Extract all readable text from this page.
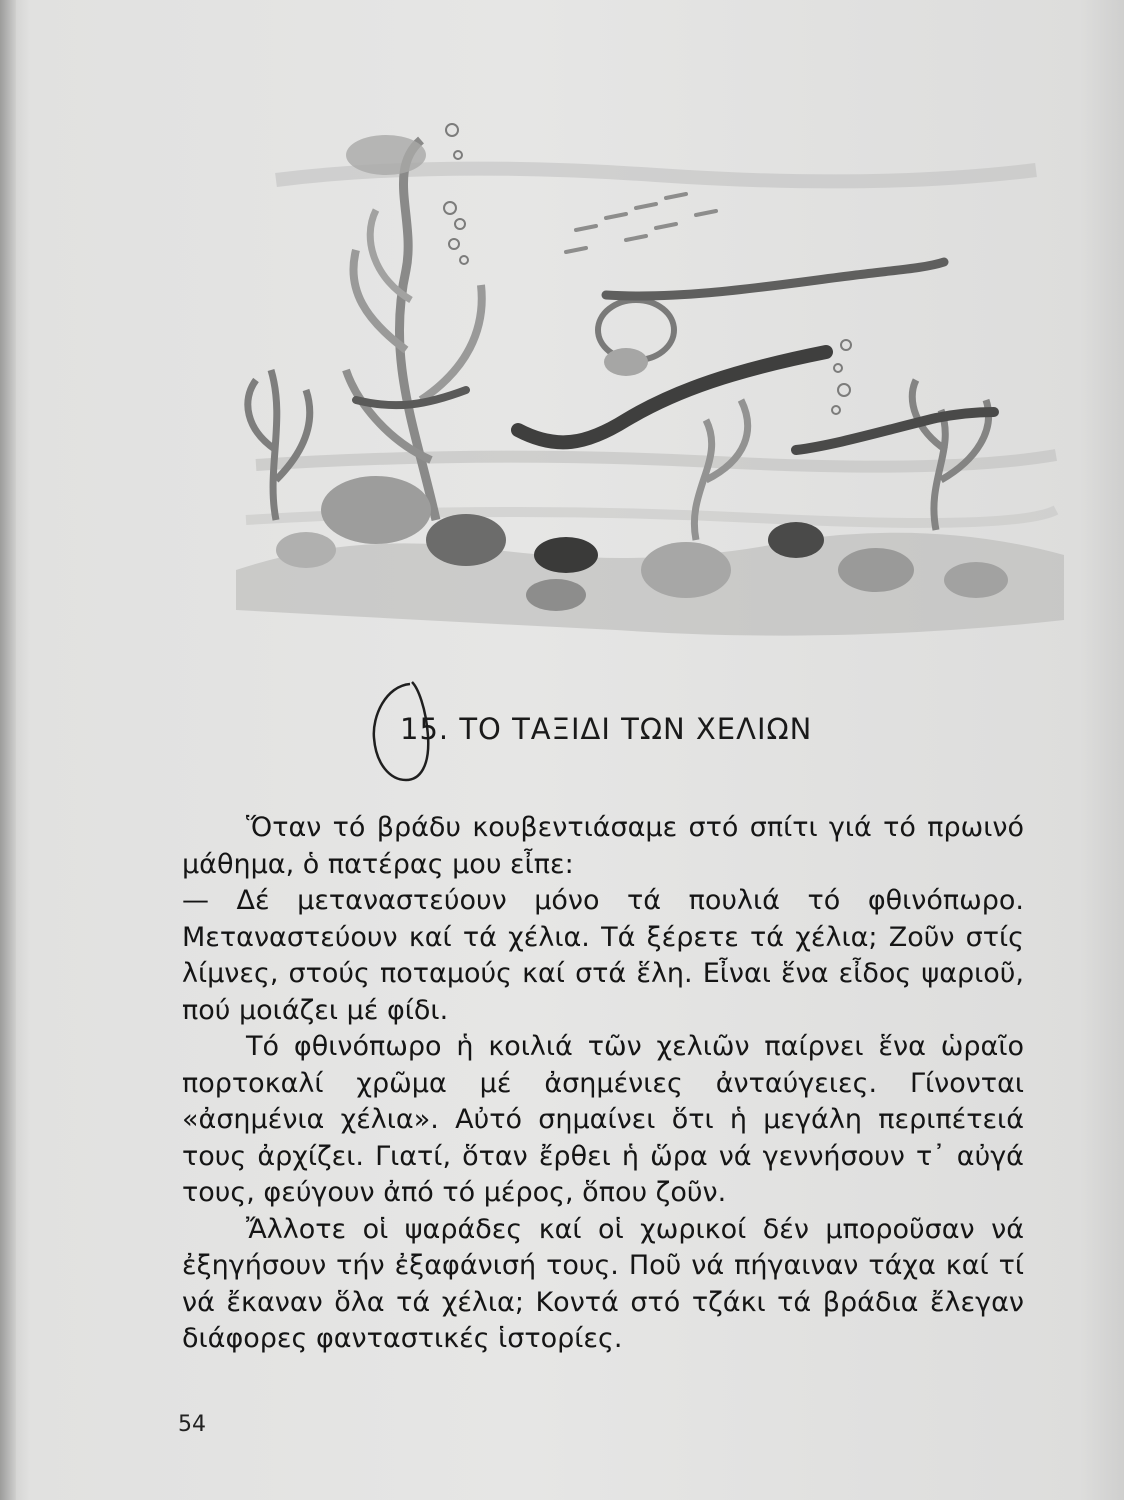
15. ΤΟ ΤΑΞΙΔΙ ΤΩΝ ΧΕΛΙΩΝ

Ὅταν τό βράδυ κουβεντιάσαμε στό σπίτι γιά τό πρωινό μάθημα, ὁ πατέρας μου εἶπε:

— Δέ μεταναστεύουν μόνο τά πουλιά τό φθινόπωρο. Μεταναστεύουν καί τά χέλια. Τά ξέρετε τά χέλια; Ζοῦν στίς λίμνες, στούς ποταμούς καί στά ἕλη. Εἶναι ἕνα εἶδος ψαριοῦ, πού μοιάζει μέ φίδι.

Τό φθινόπωρο ἡ κοιλιά τῶν χελιῶν παίρνει ἕνα ὡραῖο πορτοκαλί χρῶμα μέ ἀσημένιες ἀνταύγειες. Γίνονται «ἀσημένια χέλια». Αὐτό σημαίνει ὅτι ἡ μεγάλη περιπέτειά τους ἀρχίζει. Γιατί, ὅταν ἔρθει ἡ ὥρα νά γεννήσουν τ᾽ αὐγά τους, φεύγουν ἀπό τό μέρος, ὅπου ζοῦν.

Ἄλλοτε οἱ ψαράδες καί οἱ χωρικοί δέν μποροῦσαν νά ἐξηγήσουν τήν ἐξαφάνισή τους. Ποῦ νά πήγαιναν τάχα καί τί νά ἔκαναν ὅλα τά χέλια; Κοντά στό τζάκι τά βράδια ἔλεγαν διάφορες φανταστικές ἱστορίες.

54
